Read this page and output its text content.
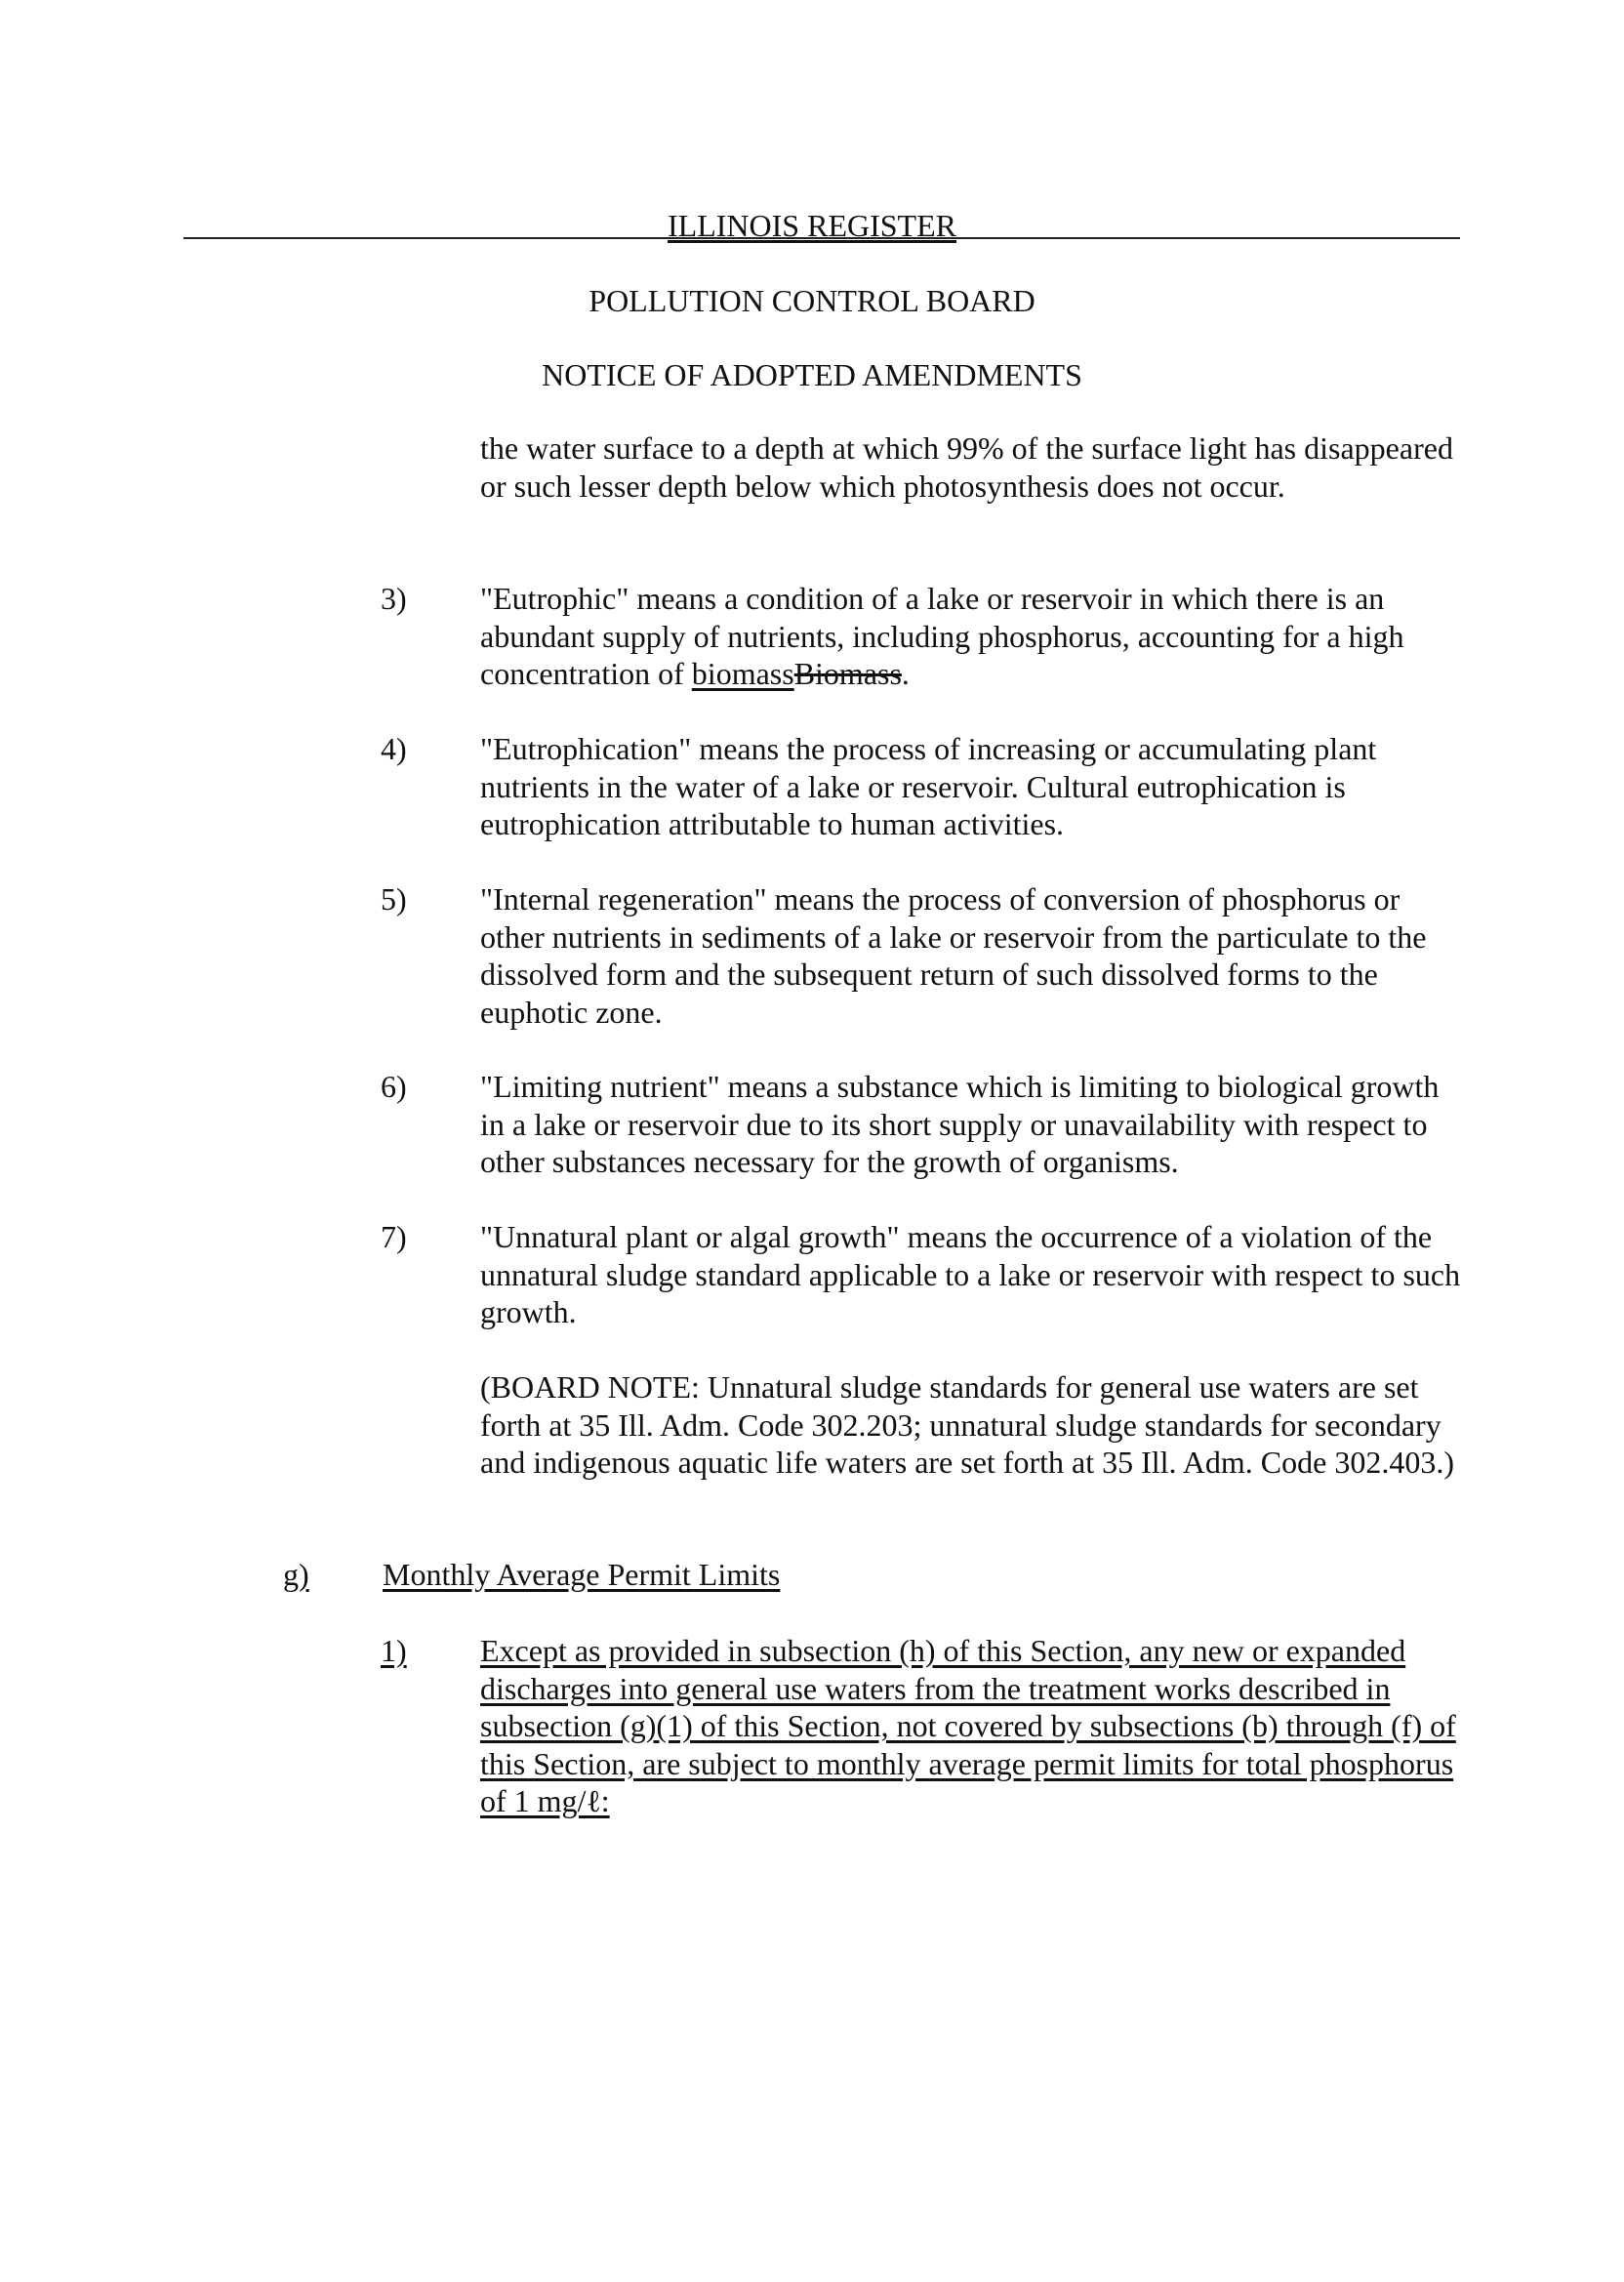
ILLINOIS REGISTER
POLLUTION CONTROL BOARD
NOTICE OF ADOPTED AMENDMENTS
the water surface to a depth at which 99% of the surface light has disappeared or such lesser depth below which photosynthesis does not occur.
3) "Eutrophic" means a condition of a lake or reservoir in which there is an abundant supply of nutrients, including phosphorus, accounting for a high concentration of biomassBiomass.
4) "Eutrophication" means the process of increasing or accumulating plant nutrients in the water of a lake or reservoir. Cultural eutrophication is eutrophication attributable to human activities.
5) "Internal regeneration" means the process of conversion of phosphorus or other nutrients in sediments of a lake or reservoir from the particulate to the dissolved form and the subsequent return of such dissolved forms to the euphotic zone.
6) "Limiting nutrient" means a substance which is limiting to biological growth in a lake or reservoir due to its short supply or unavailability with respect to other substances necessary for the growth of organisms.
7) "Unnatural plant or algal growth" means the occurrence of a violation of the unnatural sludge standard applicable to a lake or reservoir with respect to such growth.
(BOARD NOTE: Unnatural sludge standards for general use waters are set forth at 35 Ill. Adm. Code 302.203; unnatural sludge standards for secondary and indigenous aquatic life waters are set forth at 35 Ill. Adm. Code 302.403.)
g) Monthly Average Permit Limits
1) Except as provided in subsection (h) of this Section, any new or expanded discharges into general use waters from the treatment works described in subsection (g)(1) of this Section, not covered by subsections (b) through (f) of this Section, are subject to monthly average permit limits for total phosphorus of 1 mg/ℓ:
